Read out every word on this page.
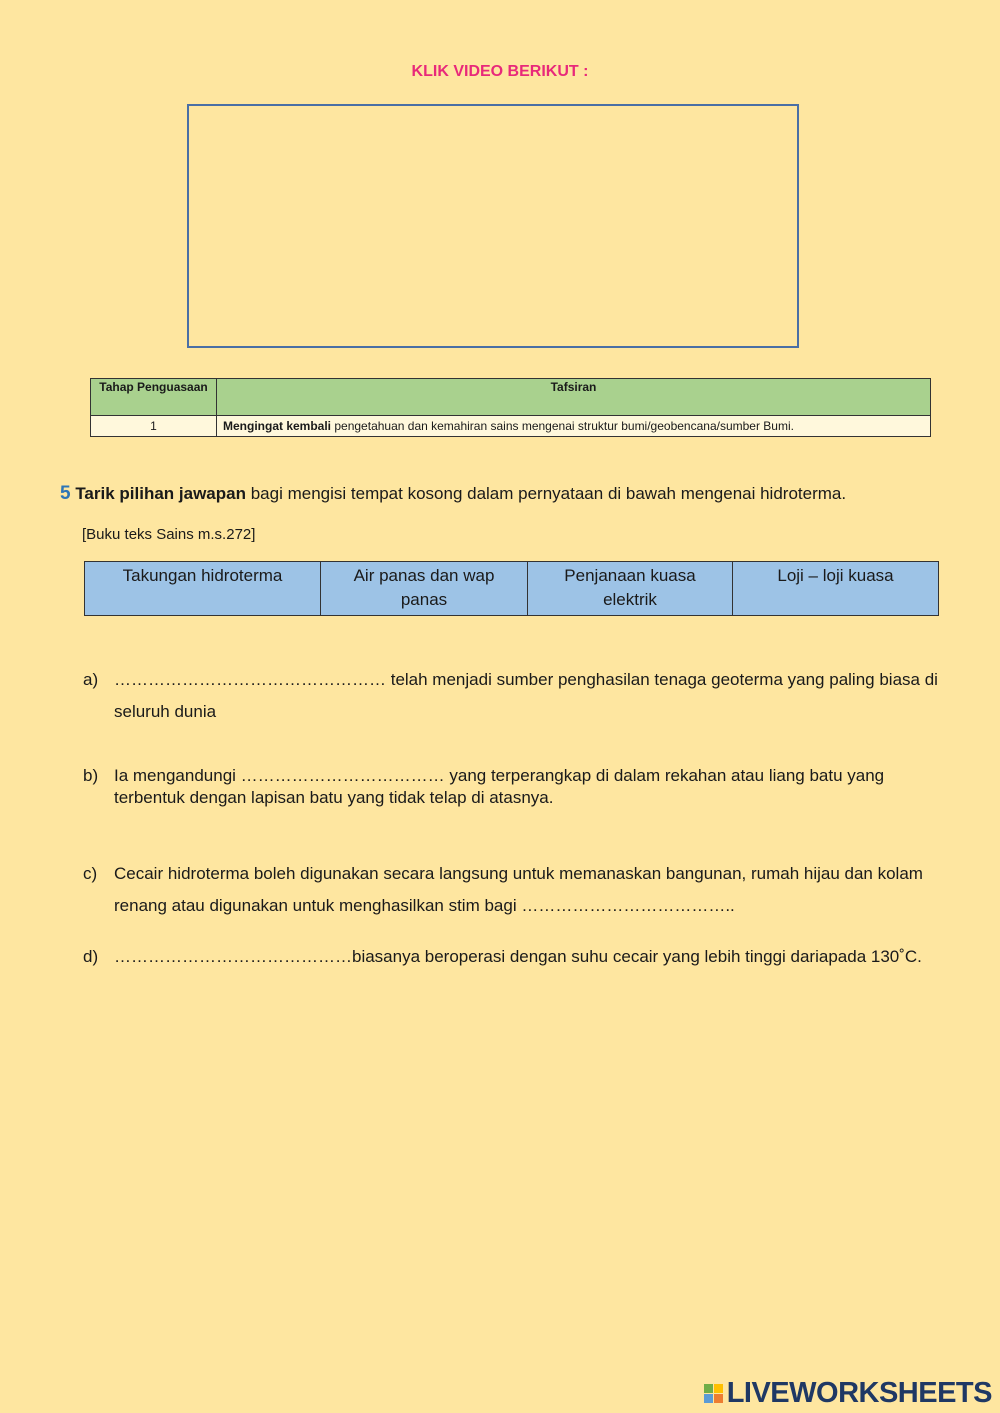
KLIK VIDEO BERIKUT :
Tahap Penguasaan	Tafsiran
1	Mengingat kembali pengetahuan dan kemahiran sains mengenai struktur bumi/geobencana/sumber Bumi.
5 Tarik pilihan jawapan bagi mengisi tempat kosong dalam pernyataan di bawah mengenai hidroterma.
[Buku teks Sains m.s.272]
Takungan hidroterma	Air panas dan wap panas	Penjanaan kuasa elektrik	Loji – loji kuasa
a) ………………………………………… telah menjadi sumber penghasilan tenaga geoterma yang paling biasa di seluruh dunia
b) Ia mengandungi ……………………………… yang terperangkap di dalam rekahan atau liang batu yang terbentuk dengan lapisan batu yang tidak telap di atasnya.
c) Cecair hidroterma boleh digunakan secara langsung untuk memanaskan bangunan, rumah hijau dan kolam renang atau digunakan untuk menghasilkan stim bagi ………………………………..
d) ……………………………………biasanya beroperasi dengan suhu cecair yang lebih tinggi dariapada 130˚C.
LIVEWORKSHEETS
